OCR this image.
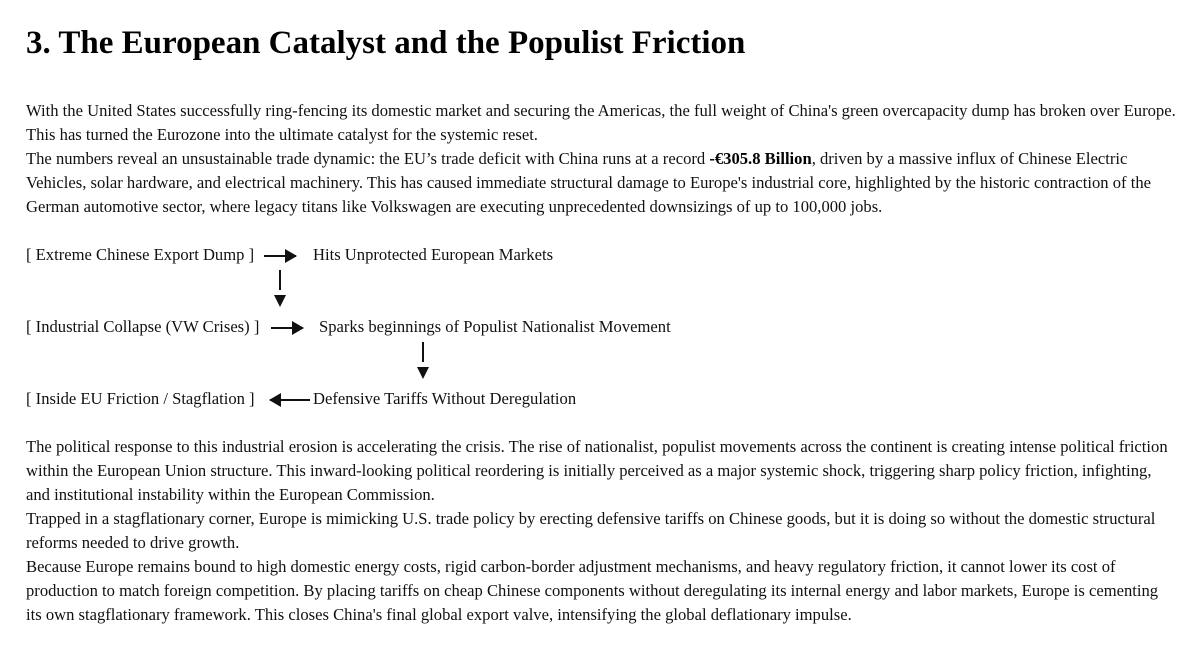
3. The European Catalyst and the Populist Friction

With the United States successfully ring-fencing its domestic market and securing the Americas, the full weight of China's green overcapacity dump has broken over Europe. This has turned the Eurozone into the ultimate catalyst for the systemic reset.

The numbers reveal an unsustainable trade dynamic: the EU’s trade deficit with China runs at a record -€305.8 Billion, driven by a massive influx of Chinese Electric Vehicles, solar hardware, and electrical machinery. This has caused immediate structural damage to Europe's industrial core, highlighted by the historic contraction of the German automotive sector, where legacy titans like Volkswagen are executing unprecedented downsizings of up to 100,000 jobs.

[ Extreme Chinese Export Dump ]	Hits Unprotected European Markets
[ Industrial Collapse (VW Crises) ]	Sparks beginnings of Populist Nationalist Movement
[ Inside EU Friction / Stagflation ]	Defensive Tariffs Without Deregulation

The political response to this industrial erosion is accelerating the crisis. The rise of nationalist, populist movements across the continent is creating intense political friction within the European Union structure. This inward-looking political reordering is initially perceived as a major systemic shock, triggering sharp policy friction, infighting, and institutional instability within the European Commission.

Trapped in a stagflationary corner, Europe is mimicking U.S. trade policy by erecting defensive tariffs on Chinese goods, but it is doing so without the domestic structural reforms needed to drive growth.

Because Europe remains bound to high domestic energy costs, rigid carbon-border adjustment mechanisms, and heavy regulatory friction, it cannot lower its cost of production to match foreign competition. By placing tariffs on cheap Chinese components without deregulating its internal energy and labor markets, Europe is cementing its own stagflationary framework. This closes China's final global export valve, intensifying the global deflationary impulse.
